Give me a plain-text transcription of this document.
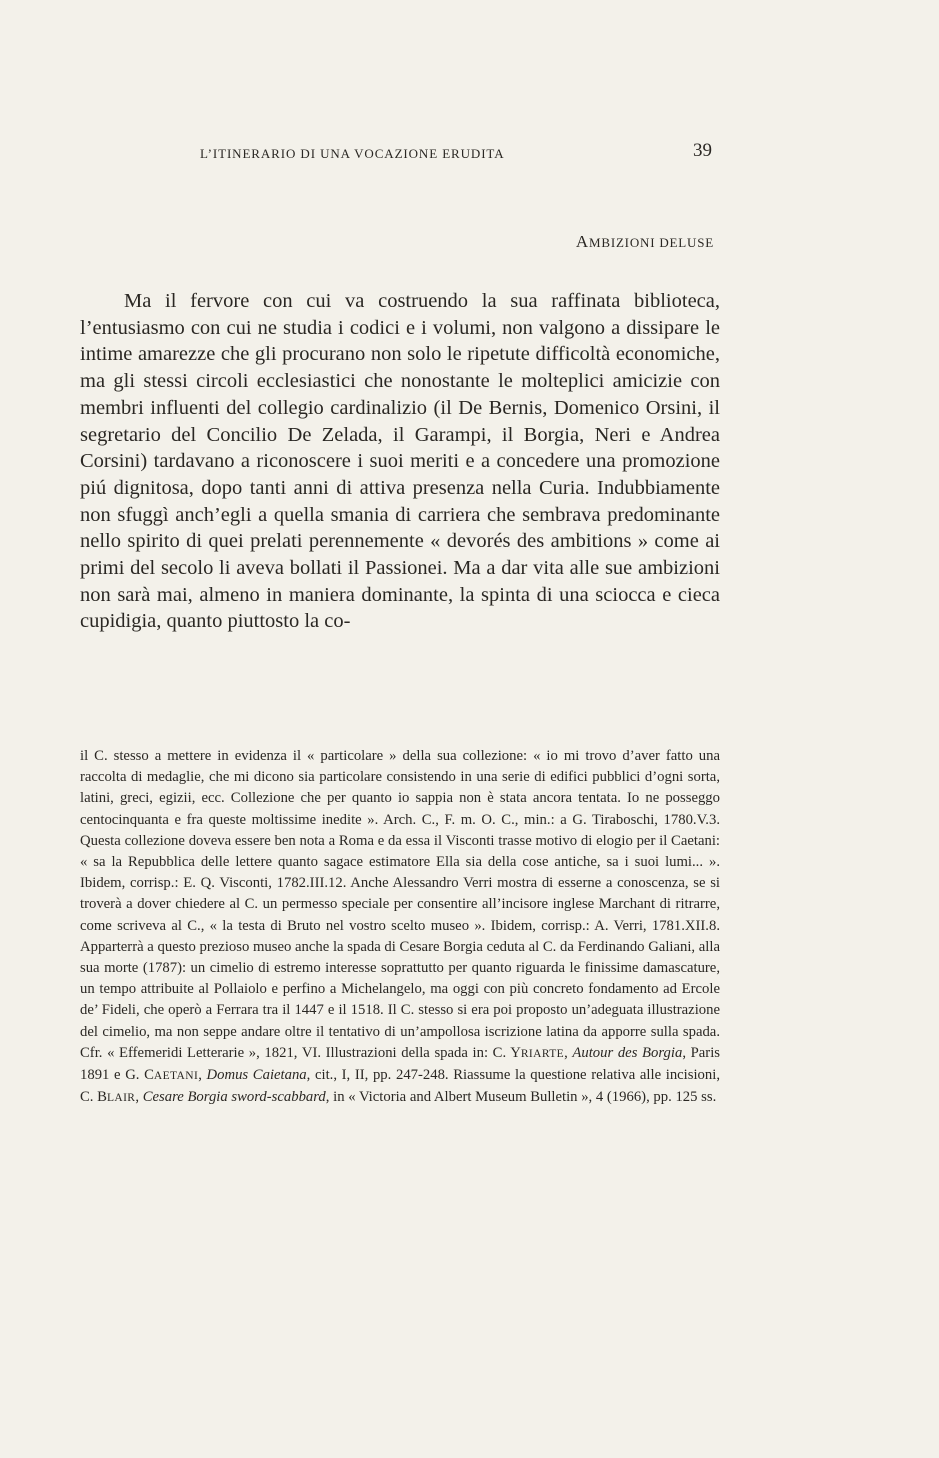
L’ITINERARIO DI UNA VOCAZIONE ERUDITA	39
AMBIZIONI DELUSE

Ma il fervore con cui va costruendo la sua raffinata biblioteca, l’entusiasmo con cui ne studia i codici e i volumi, non valgono a dissipare le intime amarezze che gli procurano non solo le ripetute difficoltà economiche, ma gli stessi circoli ecclesiastici che nonostante le molteplici amicizie con membri influenti del collegio cardinalizio (il De Bernis, Domenico Orsini, il segretario del Concilio De Zelada, il Garampi, il Borgia, Neri e Andrea Corsini) tardavano a riconoscere i suoi meriti e a concedere una promozione piú dignitosa, dopo tanti anni di attiva presenza nella Curia. Indubbiamente non sfuggì anch’egli a quella smania di carriera che sembrava predominante nello spirito di quei prelati perennemente « devorés des ambitions » come ai primi del secolo li aveva bollati il Passionei. Ma a dar vita alle sue ambizioni non sarà mai, almeno in maniera dominante, la spinta di una sciocca e cieca cupidigia, quanto piuttosto la co-

il C. stesso a mettere in evidenza il « particolare » della sua collezione: « io mi trovo d’aver fatto una raccolta di medaglie, che mi dicono sia particolare consistendo in una serie di edifici pubblici d’ogni sorta, latini, greci, egizii, ecc. Collezione che per quanto io sappia non è stata ancora tentata. Io ne posseggo centocinquanta e fra queste moltissime inedite ». Arch. C., F. m. O. C., min.: a G. Tiraboschi, 1780.V.3. Questa collezione doveva essere ben nota a Roma e da essa il Visconti trasse motivo di elogio per il Caetani: « sa la Repubblica delle lettere quanto sagace estimatore Ella sia della cose antiche, sa i suoi lumi... ». Ibidem, corrisp.: E. Q. Visconti, 1782.III.12. Anche Alessandro Verri mostra di esserne a conoscenza, se si troverà a dover chiedere al C. un permesso speciale per consentire all’incisore inglese Marchant di ritrarre, come scriveva al C., « la testa di Bruto nel vostro scelto museo ». Ibidem, corrisp.: A. Verri, 1781.XII.8. Apparterrà a questo prezioso museo anche la spada di Cesare Borgia ceduta al C. da Ferdinando Galiani, alla sua morte (1787): un cimelio di estremo interesse soprattutto per quanto riguarda le finissime damascature, un tempo attribuite al Pollaiolo e perfino a Michelangelo, ma oggi con più concreto fondamento ad Ercole de’ Fideli, che operò a Ferrara tra il 1447 e il 1518. Il C. stesso si era poi proposto un’adeguata illustrazione del cimelio, ma non seppe andare oltre il tentativo di un’ampollosa iscrizione latina da apporre sulla spada. Cfr. « Effemeridi Letterarie », 1821, VI. Illustrazioni della spada in: C. YRIARTE, Autour des Borgia, Paris 1891 e G. CAETANI, Domus Caietana, cit., I, II, pp. 247-248. Riassume la questione relativa alle incisioni, C. BLAIR, Cesare Borgia sword-scabbard, in « Victoria and Albert Museum Bulletin », 4 (1966), pp. 125 ss.
